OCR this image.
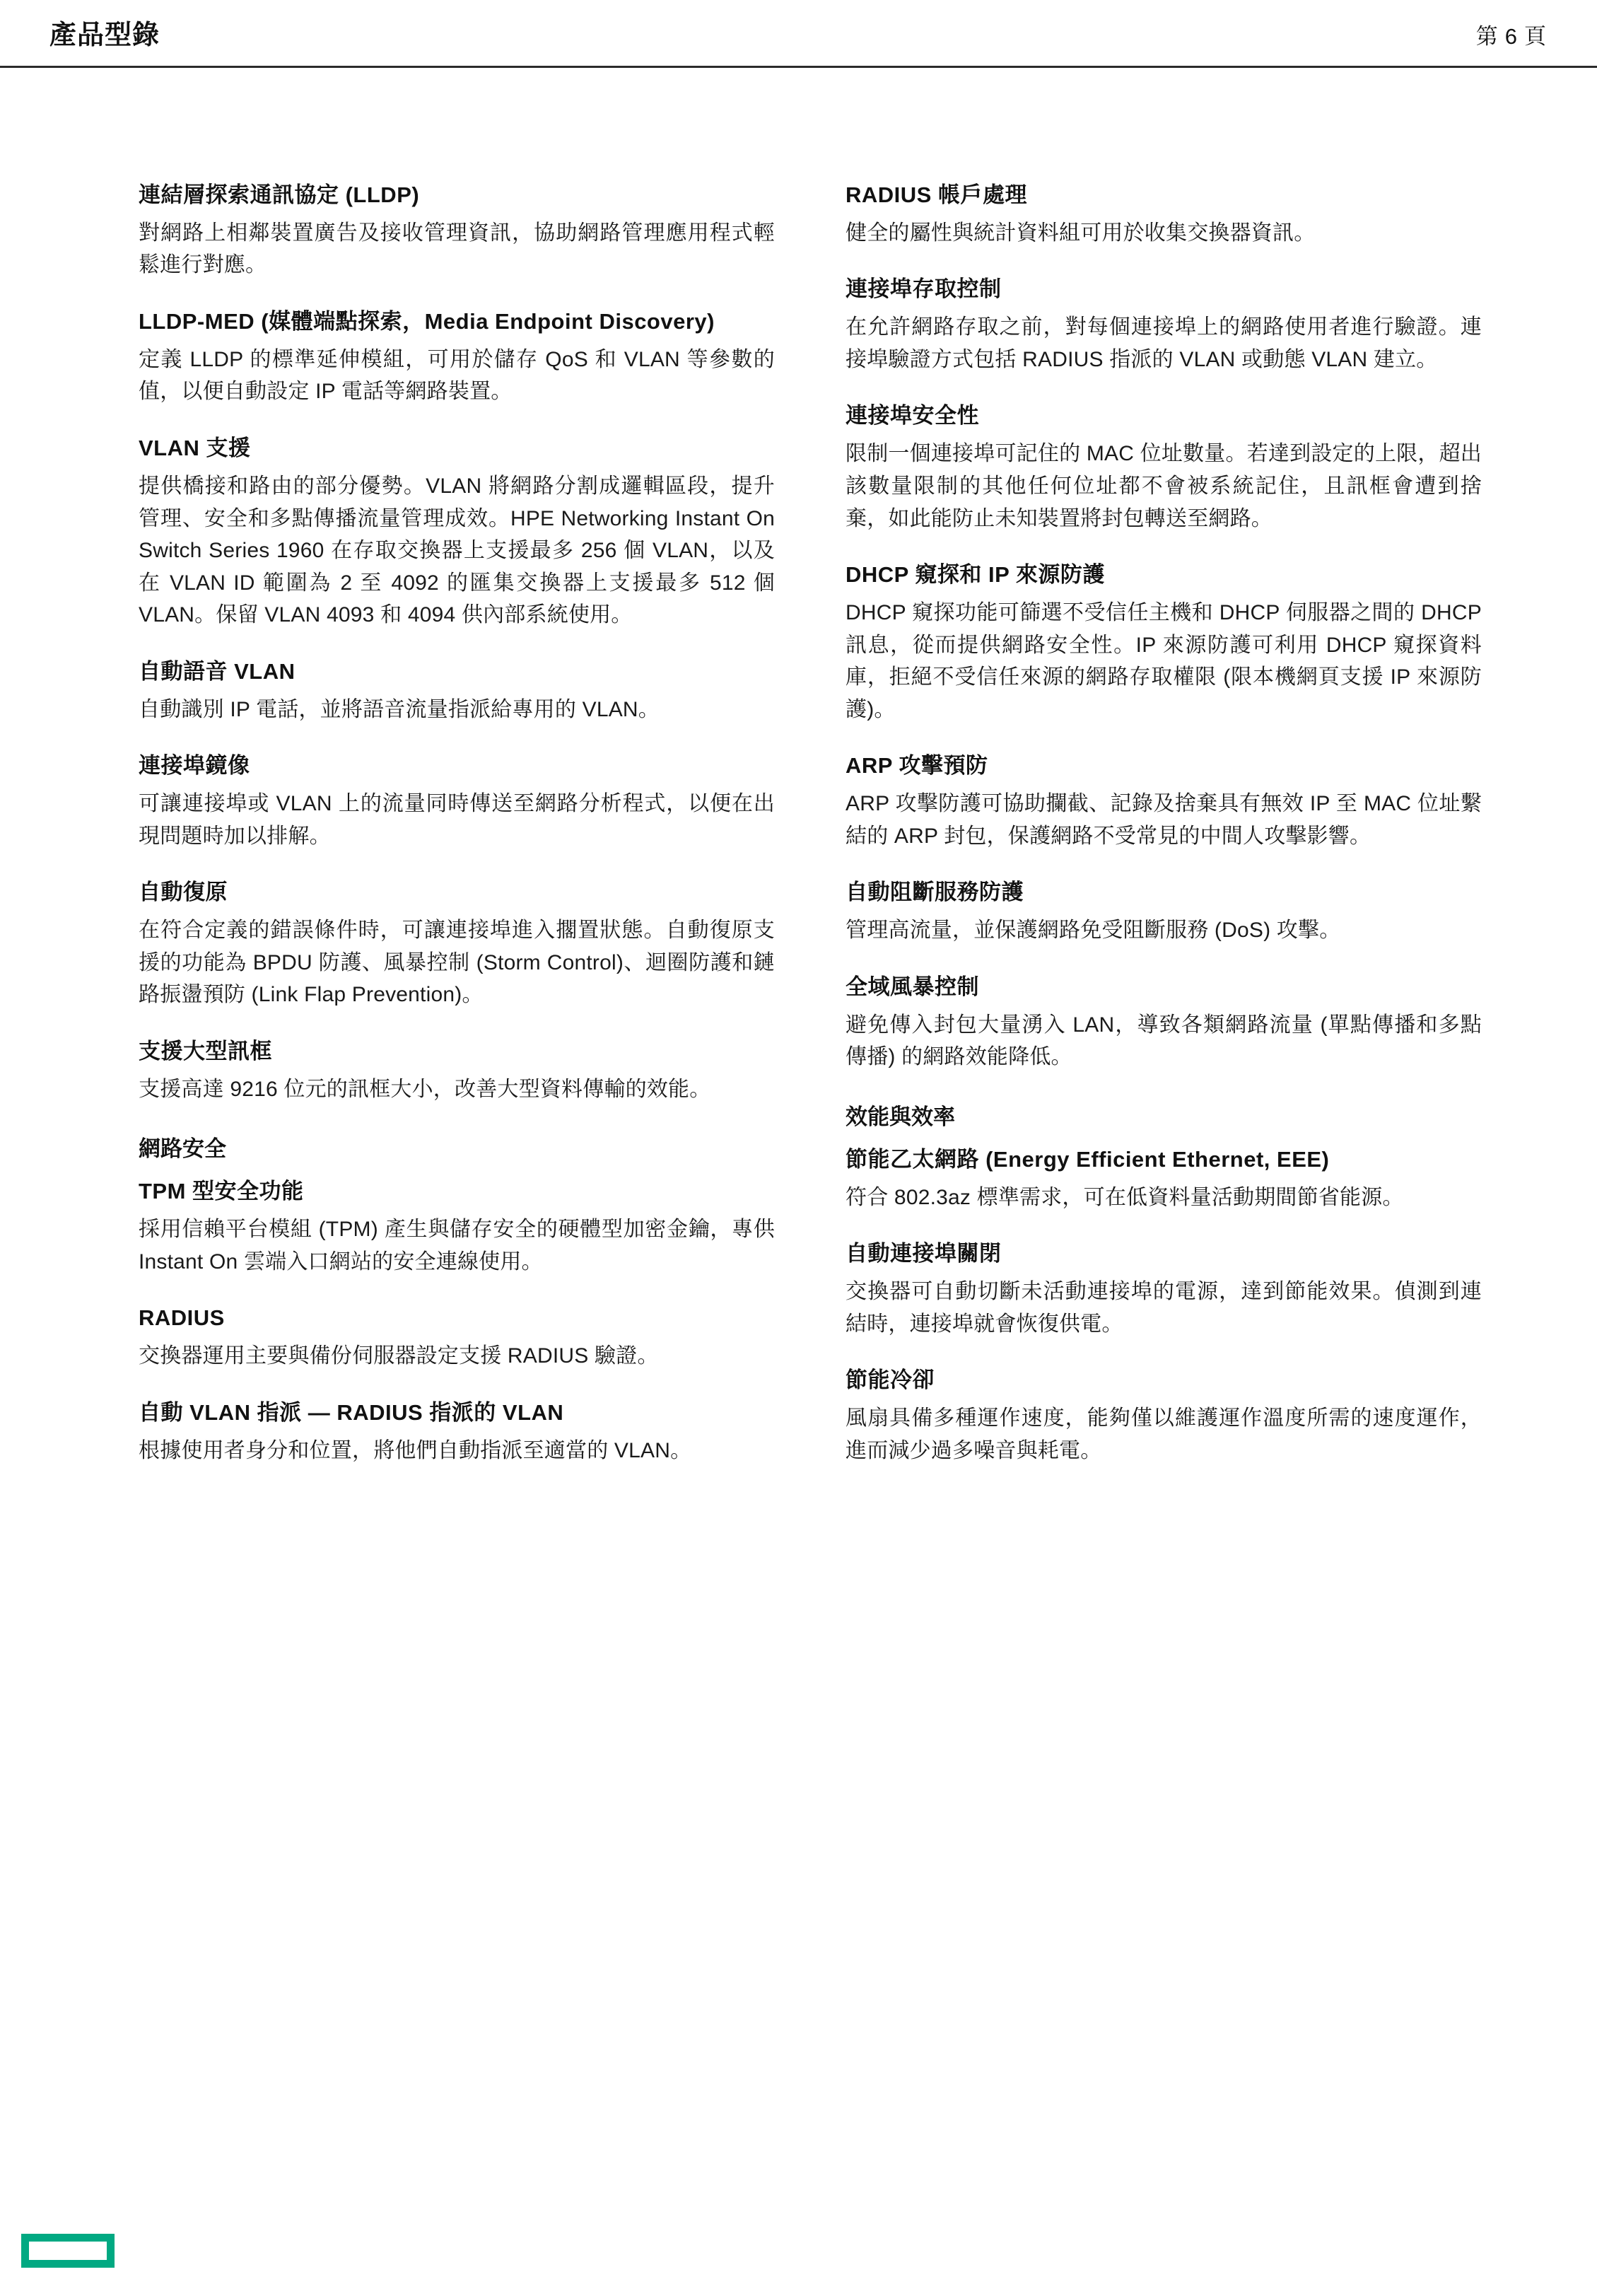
產品型錄	第 6 頁
連結層探索通訊協定 (LLDP)

對網路上相鄰裝置廣告及接收管理資訊，協助網路管理應用程式輕鬆進行對應。

LLDP-MED (媒體端點探索，Media Endpoint Discovery)

定義 LLDP 的標準延伸模組，可用於儲存 QoS 和 VLAN 等參數的值，以便自動設定 IP 電話等網路裝置。

VLAN 支援

提供橋接和路由的部分優勢。VLAN 將網路分割成邏輯區段，提升管理、安全和多點傳播流量管理成效。HPE Networking Instant On Switch Series 1960 在存取交換器上支援最多 256 個 VLAN，以及在 VLAN ID 範圍為 2 至 4092 的匯集交換器上支援最多 512 個 VLAN。保留 VLAN 4093 和 4094 供內部系統使用。

自動語音 VLAN

自動識別 IP 電話，並將語音流量指派給專用的 VLAN。

連接埠鏡像

可讓連接埠或 VLAN 上的流量同時傳送至網路分析程式，以便在出現問題時加以排解。

自動復原

在符合定義的錯誤條件時，可讓連接埠進入擱置狀態。自動復原支援的功能為 BPDU 防護、風暴控制 (Storm Control)、迴圈防護和鏈路振盪預防 (Link Flap Prevention)。

支援大型訊框

支援高達 9216 位元的訊框大小，改善大型資料傳輸的效能。

網路安全
TPM 型安全功能

採用信賴平台模組 (TPM) 產生與儲存安全的硬體型加密金鑰，專供 Instant On 雲端入口網站的安全連線使用。

RADIUS

交換器運用主要與備份伺服器設定支援 RADIUS 驗證。

自動 VLAN 指派 — RADIUS 指派的 VLAN

根據使用者身分和位置，將他們自動指派至適當的 VLAN。

RADIUS 帳戶處理

健全的屬性與統計資料組可用於收集交換器資訊。

連接埠存取控制

在允許網路存取之前，對每個連接埠上的網路使用者進行驗證。連接埠驗證方式包括 RADIUS 指派的 VLAN 或動態 VLAN 建立。

連接埠安全性

限制一個連接埠可記住的 MAC 位址數量。若達到設定的上限，超出該數量限制的其他任何位址都不會被系統記住，且訊框會遭到捨棄，如此能防止未知裝置將封包轉送至網路。

DHCP 窺探和 IP 來源防護

DHCP 窺探功能可篩選不受信任主機和 DHCP 伺服器之間的 DHCP 訊息，從而提供網路安全性。IP 來源防護可利用 DHCP 窺探資料庫，拒絕不受信任來源的網路存取權限 (限本機網頁支援 IP 來源防護)。

ARP 攻擊預防

ARP 攻擊防護可協助攔截、記錄及捨棄具有無效 IP 至 MAC 位址繫結的 ARP 封包，保護網路不受常見的中間人攻擊影響。

自動阻斷服務防護

管理高流量，並保護網路免受阻斷服務 (DoS) 攻擊。

全域風暴控制

避免傳入封包大量湧入 LAN，導致各類網路流量 (單點傳播和多點傳播) 的網路效能降低。

效能與效率
節能乙太網路 (Energy Efficient Ethernet, EEE)

符合 802.3az 標準需求，可在低資料量活動期間節省能源。

自動連接埠關閉

交換器可自動切斷未活動連接埠的電源，達到節能效果。偵測到連結時，連接埠就會恢復供電。

節能冷卻

風扇具備多種運作速度，能夠僅以維護運作溫度所需的速度運作，進而減少過多噪音與耗電。
